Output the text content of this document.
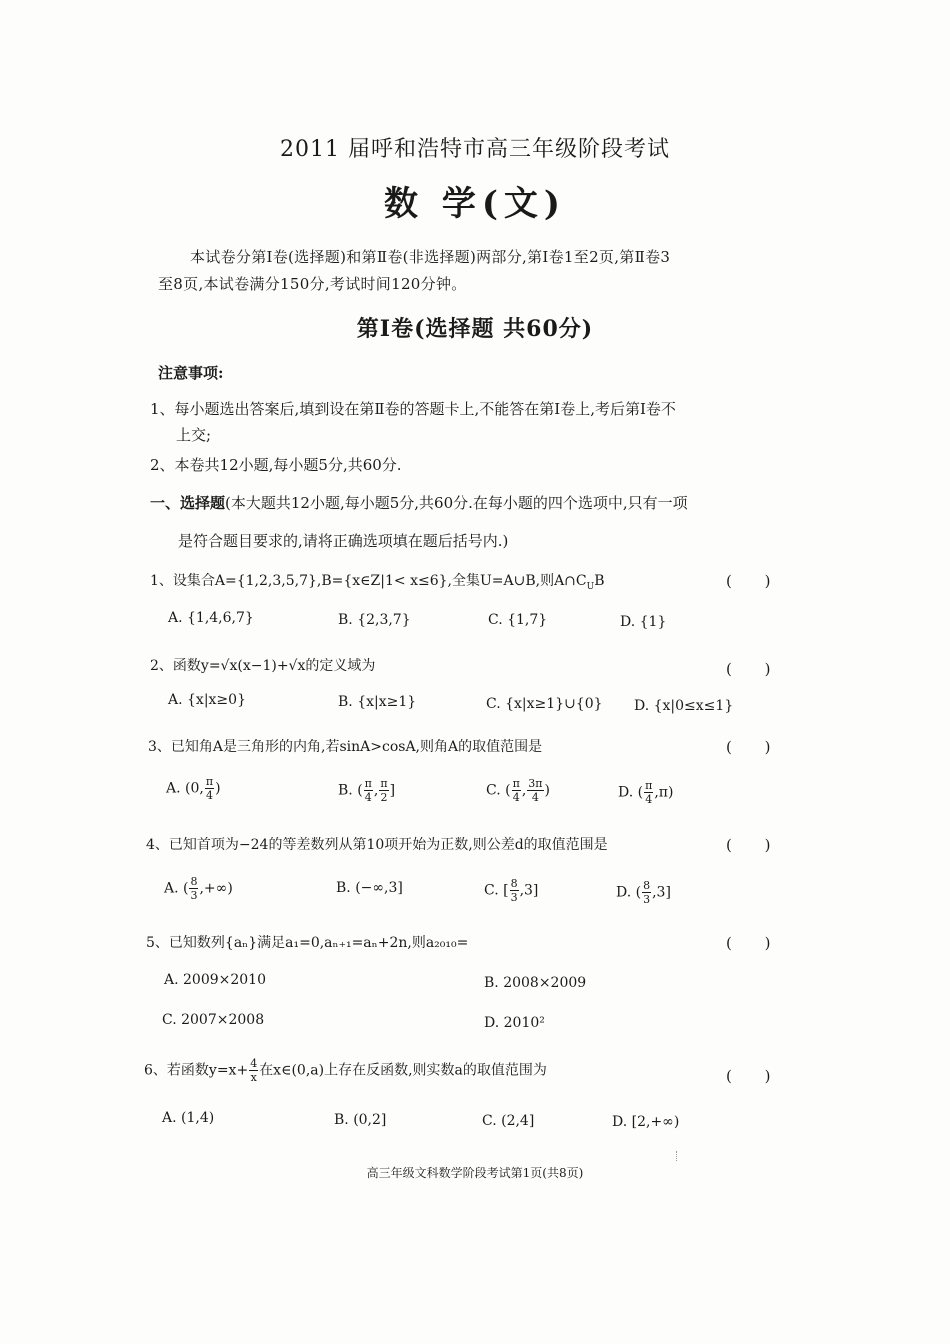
2011 届呼和浩特市高三年级阶段考试
数 学(文)
本试卷分第Ⅰ卷(选择题)和第Ⅱ卷(非选择题)两部分,第Ⅰ卷1至2页,第Ⅱ卷3
至8页,本试卷满分150分,考试时间120分钟。
第Ⅰ卷(选择题 共60分)
注意事项:
1、每小题选出答案后,填到设在第Ⅱ卷的答题卡上,不能答在第Ⅰ卷上,考后第Ⅰ卷不
上交;
2、本卷共12小题,每小题5分,共60分.
一、选择题(本大题共12小题,每小题5分,共60分.在每小题的四个选项中,只有一项
是符合题目要求的,请将正确选项填在题后括号内.)
1、设集合A={1,2,3,5,7},B={x∈Z|1< x≤6},全集U=A∪B,则$A\cap C_UB$	( )
A. {1,4,6,7}	B. {2,3,7}	C. {1,7}	D. {1}
2、函数y=√x(x−1)+√x的定义域为	( )
A. {x|x≥0}	B. {x|x≥1}	C. {x|x≥1}∪{0} D. {x|0≤x≤1}
3、已知角A是三角形的内角,若sinA>cosA,则角A的取值范围是	( )
A. (0, $\frac{\pi}{4}$ )	B. ( $\frac{\pi}{4}$ , $\frac{\pi}{2}$ ]	C. ( $\frac{\pi}{4}$ , $\frac{3\pi}{4}$ )	D. ( $\frac{\pi}{4} ,\pi$)
4、已知首项为−24的等差数列从第10项开始为正数,则公差d的取值范围是	( )
A. ( $\frac{8}{3}$ ,+∞)	B. (−∞,3]	C. [ $\frac{8}{3} ,3$]	D. ( $\frac{8}{3} ,3$]
5、已知数列{aₙ}满足a₁=0,aₙ₊₁=aₙ+2n,则a₂₀₁₀=	( )
A. 2009×2010	B. 2008×2009
C. 2007×2008	D. 2010²
6、若函数$y=x+ \frac{4}{x}$ 在x∈(0,a)上存在反函数,则实数a的取值范围为	( )
A. (1,4)	B. (0,2]	C. (2,4]	D. [2,+∞)
高三年级文科数学阶段考试第1页(共8页)
